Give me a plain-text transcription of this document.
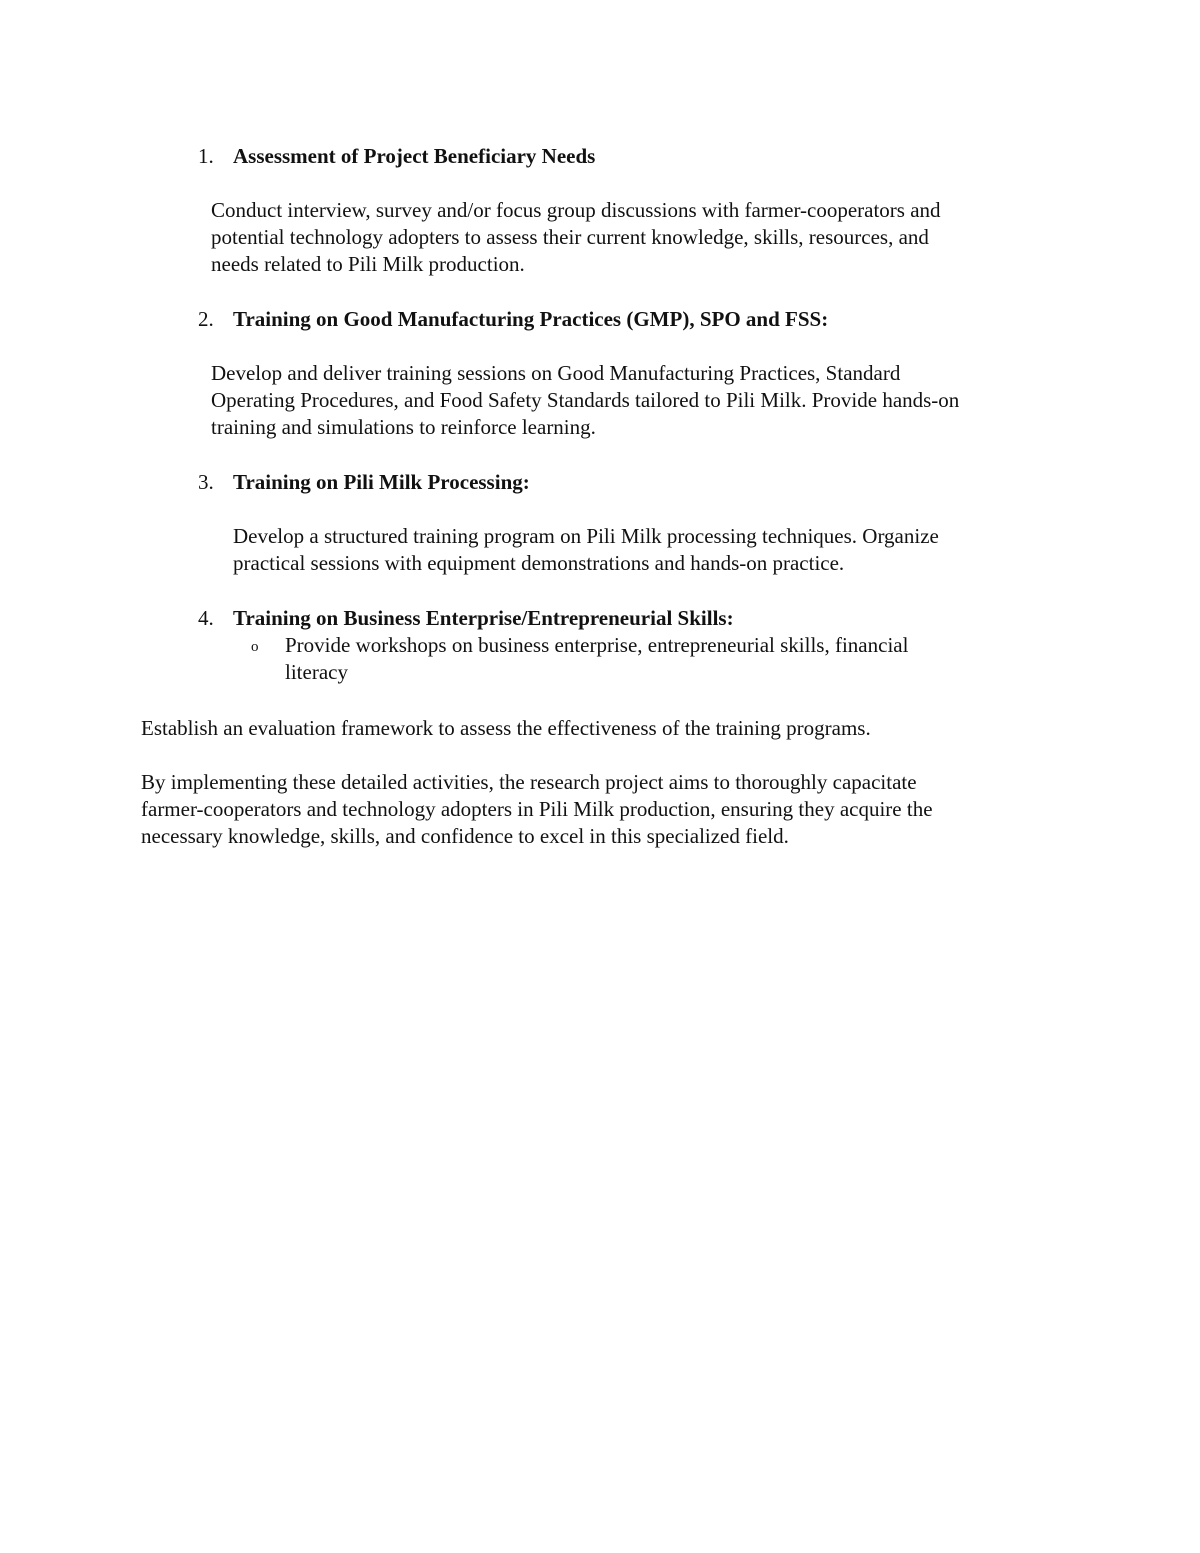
1. Assessment of Project Beneficiary Needs
Conduct interview, survey and/or focus group discussions with farmer-cooperators and
potential technology adopters to assess their current knowledge, skills, resources, and
needs related to Pili Milk production.
2. Training on Good Manufacturing Practices (GMP), SPO and FSS:
Develop and deliver training sessions on Good Manufacturing Practices, Standard
Operating Procedures, and Food Safety Standards tailored to Pili Milk. Provide hands-on
training and simulations to reinforce learning.
3. Training on Pili Milk Processing:
Develop a structured training program on Pili Milk processing techniques. Organize
practical sessions with equipment demonstrations and hands-on practice.
4. Training on Business Enterprise/Entrepreneurial Skills:
o Provide workshops on business enterprise, entrepreneurial skills, financial
literacy
Establish an evaluation framework to assess the effectiveness of the training programs.
By implementing these detailed activities, the research project aims to thoroughly capacitate
farmer-cooperators and technology adopters in Pili Milk production, ensuring they acquire the
necessary knowledge, skills, and confidence to excel in this specialized field.
